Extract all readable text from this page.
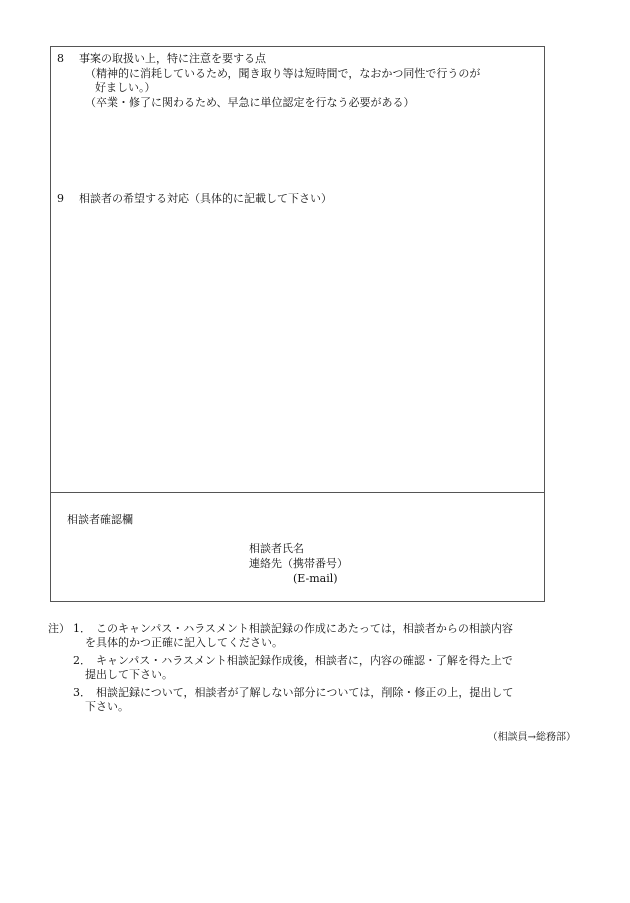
8 事案の取扱い上，特に注意を要する点
（精神的に消耗しているため，聞き取り等は短時間で，なおかつ同性で行うのが
好ましい。）
（卒業・修了に関わるため、早急に単位認定を行なう必要がある）
9 相談者の希望する対応（具体的に記載して下さい）
相談者確認欄
相談者氏名
連絡先（携帯番号）
(E-mail)
注） 1． このキャンパス・ハラスメント相談記録の作成にあたっては，相談者からの相談内容
を具体的かつ正確に記入してください。
2． キャンパス・ハラスメント相談記録作成後，相談者に，内容の確認・了解を得た上で
提出して下さい。
3． 相談記録について，相談者が了解しない部分については，削除・修正の上，提出して
下さい。
（相談員→総務部）
